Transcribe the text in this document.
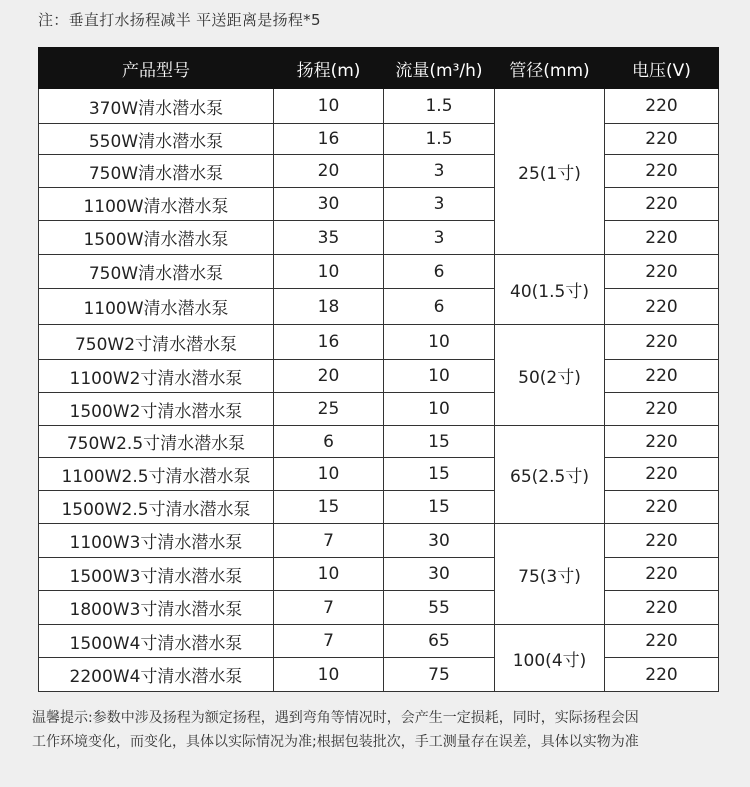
注：垂直打水扬程减半 平送距离是扬程*5
产品型号	扬程(m)	流量(m³/h)	管径(mm)	电压(V)
370W清水潜水泵	10	1.5	25(1寸)	220
550W清水潜水泵	16	1.5		220
750W清水潜水泵	20	3		220
1100W清水潜水泵	30	3		220
1500W清水潜水泵	35	3		220
750W清水潜水泵	10	6	40(1.5寸)	220
1100W清水潜水泵	18	6		220
750W2寸清水潜水泵	16	10	50(2寸)	220
1100W2寸清水潜水泵	20	10		220
1500W2寸清水潜水泵	25	10		220
750W2.5寸清水潜水泵	6	15	65(2.5寸)	220
1100W2.5寸清水潜水泵	10	15		220
1500W2.5寸清水潜水泵	15	15		220
1100W3寸清水潜水泵	7	30	75(3寸)	220
1500W3寸清水潜水泵	10	30		220
1800W3寸清水潜水泵	7	55		220
1500W4寸清水潜水泵	7	65	100(4寸)	220
2200W4寸清水潜水泵	10	75		220
温馨提示:参数中涉及扬程为额定扬程，遇到弯角等情况时，会产生一定损耗，同时，实际扬程会因
工作环境变化，而变化，具体以实际情况为准;根据包装批次，手工测量存在误差，具体以实物为准
